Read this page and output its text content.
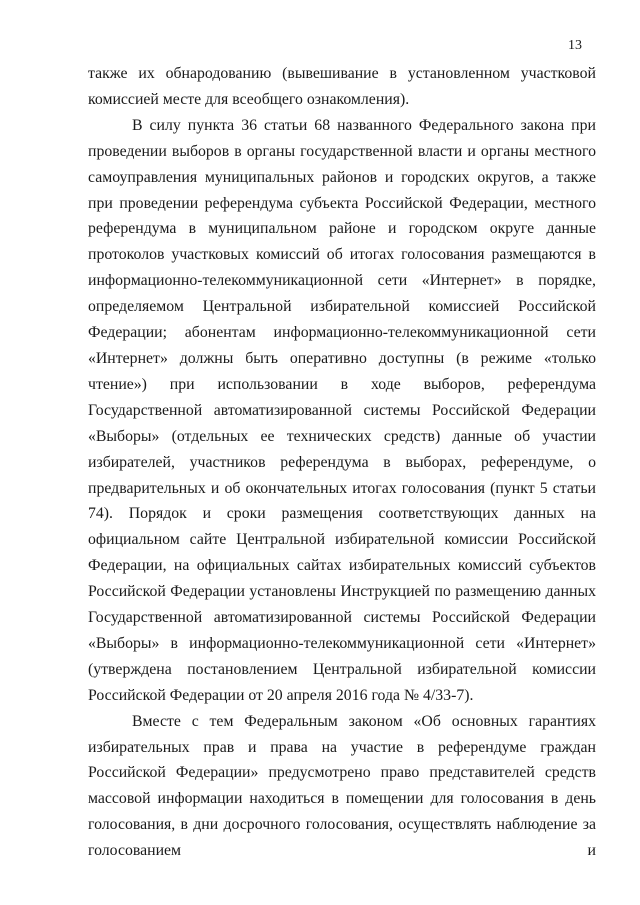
13

также их обнародованию (вывешивание в установленном участковой комиссией месте для всеобщего ознакомления).

В силу пункта 36 статьи 68 названного Федерального закона при проведении выборов в органы государственной власти и органы местного самоуправления муниципальных районов и городских округов, а также при проведении референдума субъекта Российской Федерации, местного референдума в муниципальном районе и городском округе данные протоколов участковых комиссий об итогах голосования размещаются в информационно-телекоммуникационной сети «Интернет» в порядке, определяемом Центральной избирательной комиссией Российской Федерации; абонентам информационно-телекоммуникационной сети «Интернет» должны быть оперативно доступны (в режиме «только чтение») при использовании в ходе выборов, референдума Государственной автоматизированной системы Российской Федерации «Выборы» (отдельных ее технических средств) данные об участии избирателей, участников референдума в выборах, референдуме, о предварительных и об окончательных итогах голосования (пункт 5 статьи 74). Порядок и сроки размещения соответствующих данных на официальном сайте Центральной избирательной комиссии Российской Федерации, на официальных сайтах избирательных комиссий субъектов Российской Федерации установлены Инструкцией по размещению данных Государственной автоматизированной системы Российской Федерации «Выборы» в информационно-телекоммуникационной сети «Интернет» (утверждена постановлением Центральной избирательной комиссии Российской Федерации от 20 апреля 2016 года № 4/33-7).

Вместе с тем Федеральным законом «Об основных гарантиях избирательных прав и права на участие в референдуме граждан Российской Федерации» предусмотрено право представителей средств массовой информации находиться в помещении для голосования в день голосования, в дни досрочного голосования, осуществлять наблюдение за голосованием и
